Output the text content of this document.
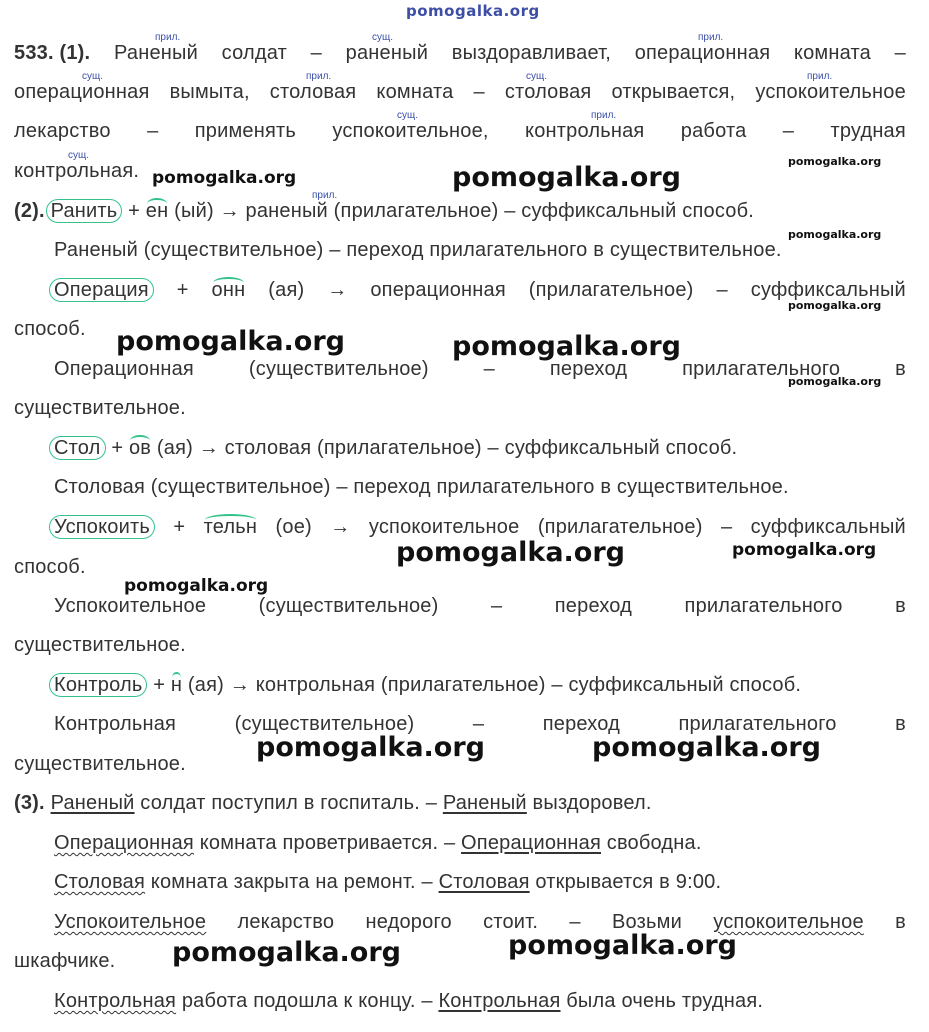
pomogalka.org
прил.	сущ.	прил.
533. (1). Раненый солдат – раненый выздоравливает, операционная комната –
сущ.	прил.	сущ.	прил.
операционная вымыта, столовая комната – столовая открывается, успокоительное
сущ.	прил.
лекарство – применять успокоительное, контрольная работа – трудная
сущ.
контрольная. pomogalka.org	pomogalka.org
pomogalka.org
прил.
(2). Ранить + ен (ый) → раненый (прилагательное) – суффиксальный способ.
pomogalka.org
Раненый (существительное) – переход прилагательного в существительное.
Операция + онн (ая) → операционная (прилагательное) – суффиксальный
pomogalka.org
способ.	pomogalka.org	pomogalka.org
Операционная	(существительное)	–	переход	прилагательного	в
pomogalka.org
существительное.
Стол + ов (ая) → столовая (прилагательное) – суффиксальный способ.
Столовая (существительное) – переход прилагательного в существительное.
Успокоить + тельн (ое) → успокоительное (прилагательное) – суффиксальный
pomogalka.org	pomogalka.org
способ.
pomogalka.org
Успокоительное	(существительное)	–	переход	прилагательного	в
существительное.
Контроль + н (ая) → контрольная (прилагательное) – суффиксальный способ.
Контрольная	(существительное)	–	переход	прилагательного	в
pomogalka.org	pomogalka.org
существительное.
(3). Раненый солдат поступил в госпиталь. – Раненый выздоровел.
Операционная комната проветривается. – Операционная свободна.
Столовая комната закрыта на ремонт. – Столовая открывается в 9:00.
Успокоительное лекарство недорого стоит. – Возьми успокоительное в
pomogalka.org
pomogalka.org
шкафчике.
Контрольная работа подошла к концу. – Контрольная была очень трудная.
